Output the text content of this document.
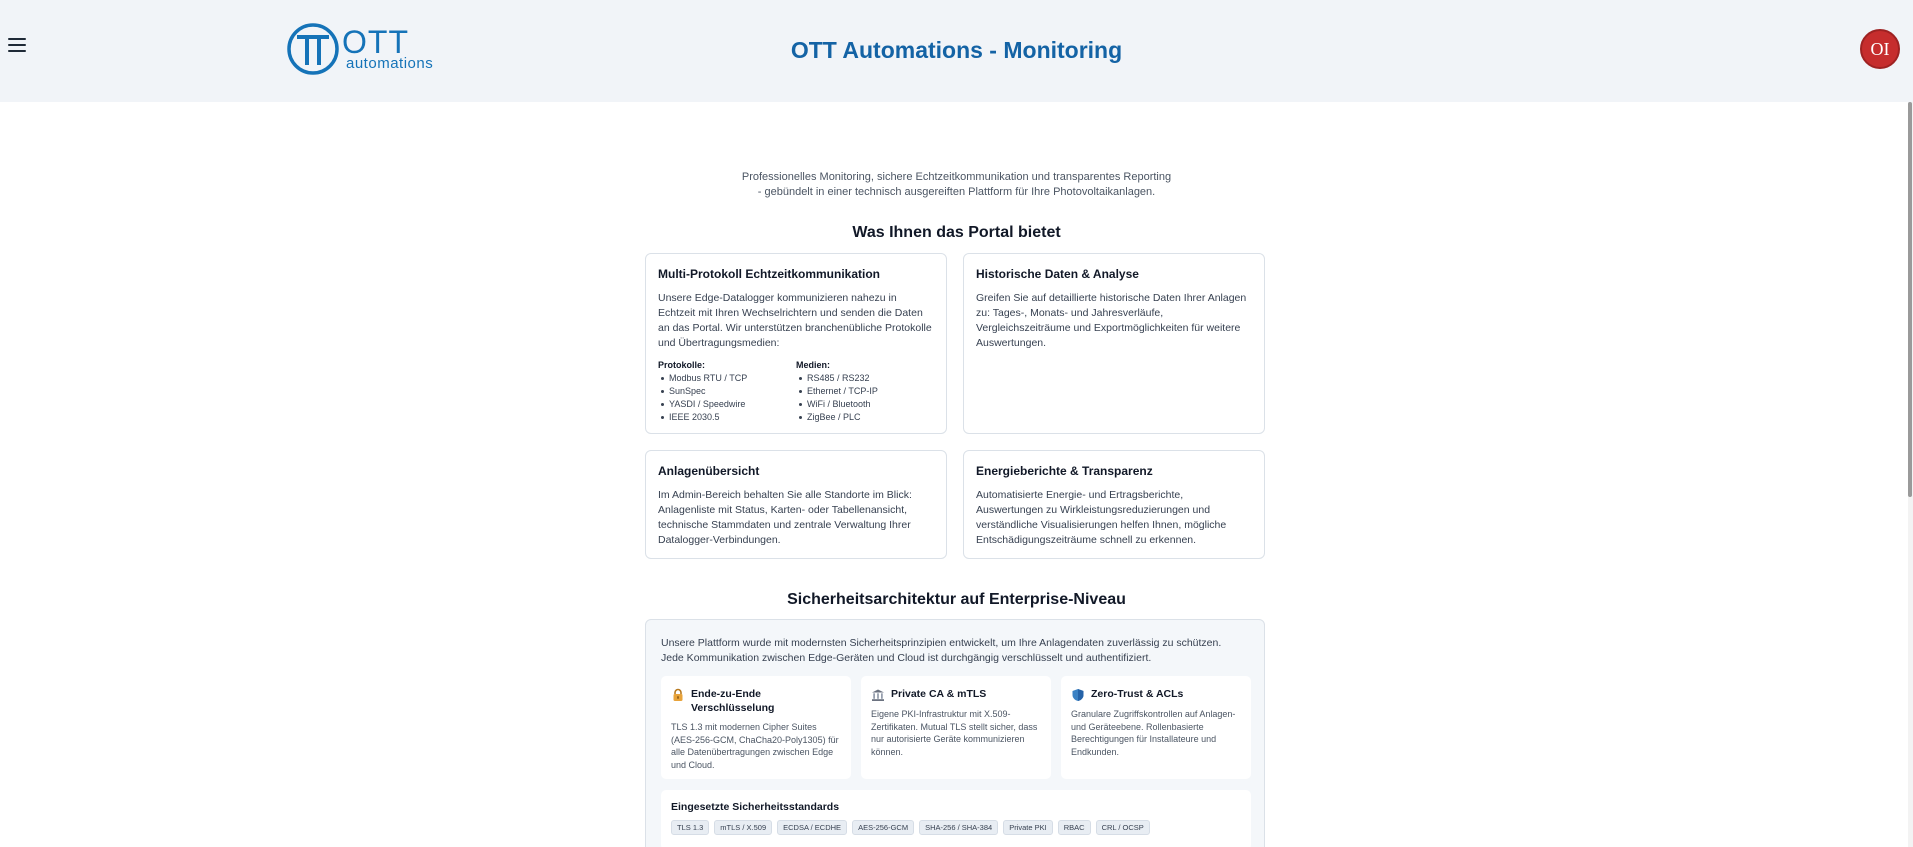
OTT
automations
OTT Automations - Monitoring	OI
Professionelles Monitoring, sichere Echtzeitkommunikation und transparentes Reporting
- gebündelt in einer technisch ausgereiften Plattform für Ihre Photovoltaikanlagen.
Was Ihnen das Portal bietet
Multi-Protokoll Echtzeitkommunikation

Unsere Edge-Datalogger kommunizieren nahezu in Echtzeit mit Ihren Wechselrichtern und senden die Daten an das Portal. Wir unterstützen branchenübliche Protokolle und Übertragungsmedien:

Protokolle:
Modbus RTU / TCP
SunSpec
YASDI / Speedwire
IEEE 2030.5
Medien:
RS485 / RS232
Ethernet / TCP-IP
WiFi / Bluetooth
ZigBee / PLC
Historische Daten & Analyse

Greifen Sie auf detaillierte historische Daten Ihrer Anlagen zu: Tages-, Monats- und Jahresverläufe, Vergleichszeiträume und Exportmöglichkeiten für weitere Auswertungen.

Anlagenübersicht

Im Admin-Bereich behalten Sie alle Standorte im Blick: Anlagenliste mit Status, Karten- oder Tabellenansicht, technische Stammdaten und zentrale Verwaltung Ihrer Datalogger-Verbindungen.

Energieberichte & Transparenz

Automatisierte Energie- und Ertragsberichte, Auswertungen zu Wirkleistungsreduzierungen und verständliche Visualisierungen helfen Ihnen, mögliche Entschädigungszeiträume schnell zu erkennen.

Sicherheitsarchitektur auf Enterprise-Niveau
Unsere Plattform wurde mit modernsten Sicherheitsprinzipien entwickelt, um Ihre Anlagendaten zuverlässig zu schützen.
Jede Kommunikation zwischen Edge-Geräten und Cloud ist durchgängig verschlüsselt und authentifiziert.
Ende-zu-Ende Verschlüsselung

TLS 1.3 mit modernen Cipher Suites (AES-256-GCM, ChaCha20-Poly1305) für alle Datenübertragungen zwischen Edge und Cloud.

Private CA & mTLS

Eigene PKI-Infrastruktur mit X.509-Zertifikaten. Mutual TLS stellt sicher, dass nur autorisierte Geräte kommunizieren können.

Zero-Trust & ACLs

Granulare Zugriffskontrollen auf Anlagen- und Geräteebene. Rollenbasierte Berechtigungen für Installateure und Endkunden.

Eingesetzte Sicherheitsstandards
TLS 1.3	mTLS / X.509	ECDSA / ECDHE	AES-256-GCM	SHA-256 / SHA-384	Private PKI	RBAC	CRL / OCSP
